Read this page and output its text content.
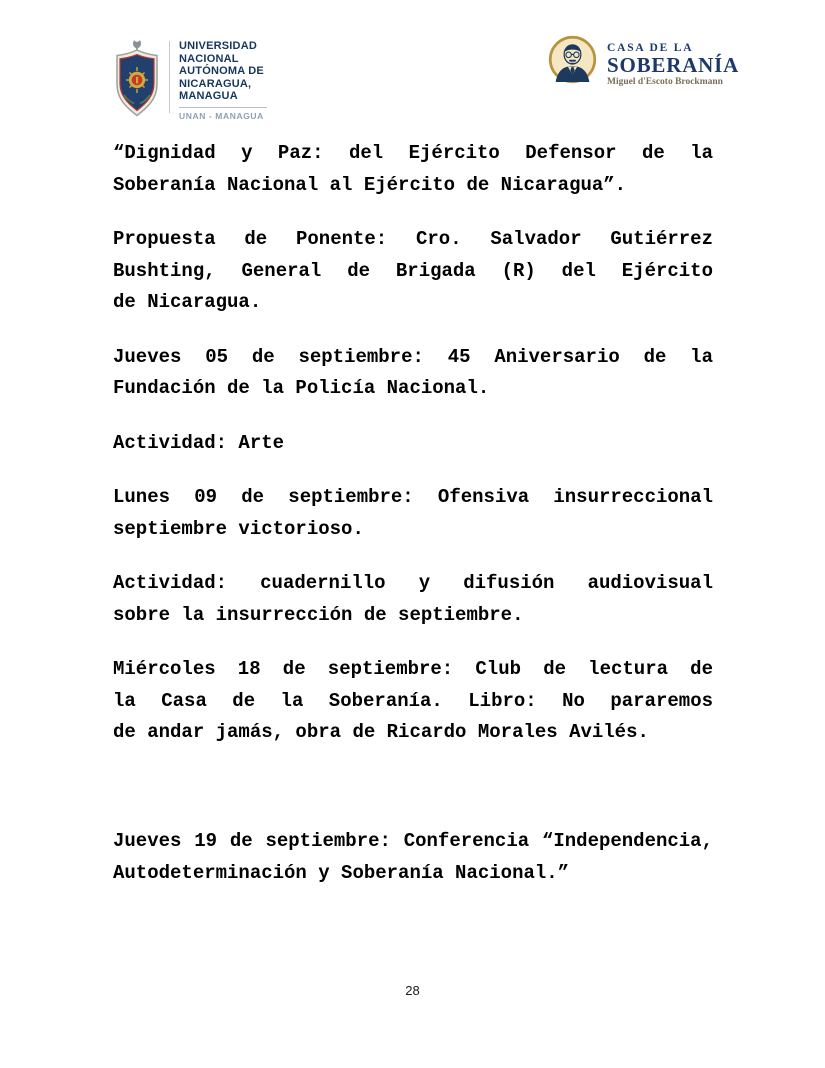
UNIVERSIDAD
NACIONAL
AUTÓNOMA DE
NICARAGUA,
MANAGUA
UNAN - MANAGUA
CASA DE LA
SOBERANÍA
Miguel d'Escoto Brockmann
“Dignidad y Paz: del Ejército Defensor de la
Soberanía Nacional al Ejército de Nicaragua”.
Propuesta de Ponente: Cro. Salvador Gutiérrez
Bushting, General de Brigada (R) del Ejército
de Nicaragua.
Jueves 05 de septiembre: 45 Aniversario de la
Fundación de la Policía Nacional.
Actividad: Arte
Lunes 09 de septiembre: Ofensiva insurreccional
septiembre victorioso.
Actividad: cuadernillo y difusión audiovisual
sobre la insurrección de septiembre.
Miércoles 18 de septiembre: Club de lectura de
la Casa de la Soberanía. Libro: No pararemos
de andar jamás, obra de Ricardo Morales Avilés.
Jueves 19 de septiembre: Conferencia “Independencia,
Autodeterminación y Soberanía Nacional.”
28
